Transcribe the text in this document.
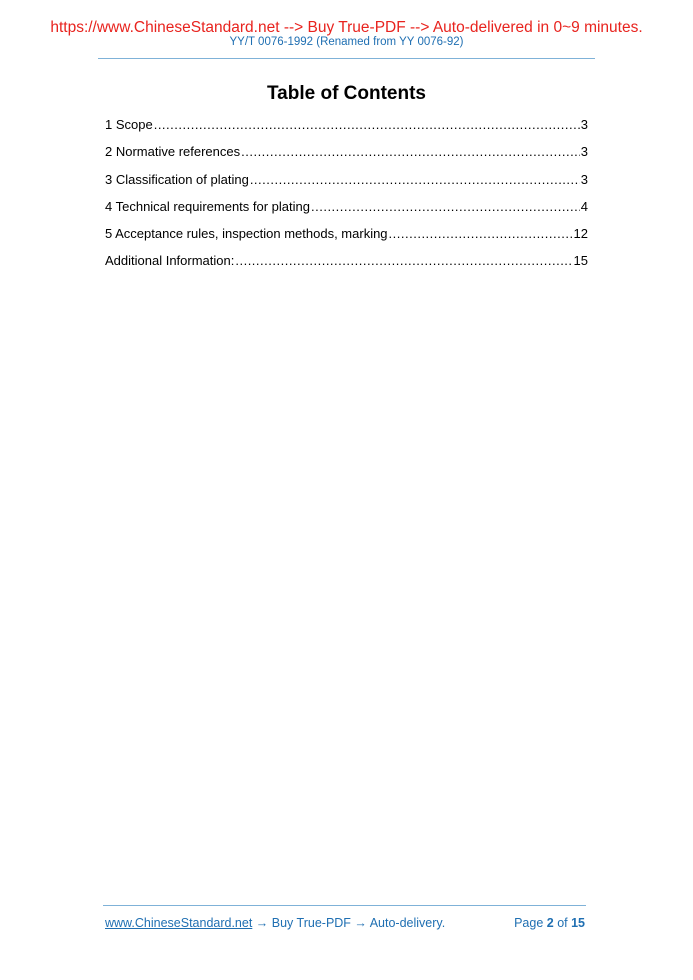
https://www.ChineseStandard.net --> Buy True-PDF --> Auto-delivered in 0~9 minutes.
YY/T 0076-1992 (Renamed from YY 0076-92)
Table of Contents
1 Scope .....	3
2 Normative references .....	3
3 Classification of plating .....	3
4 Technical requirements for plating .....	4
5 Acceptance rules, inspection methods, marking .....	12
Additional Information: .....	15
www.ChineseStandard.net → Buy True-PDF → Auto-delivery.	Page 2 of 15
